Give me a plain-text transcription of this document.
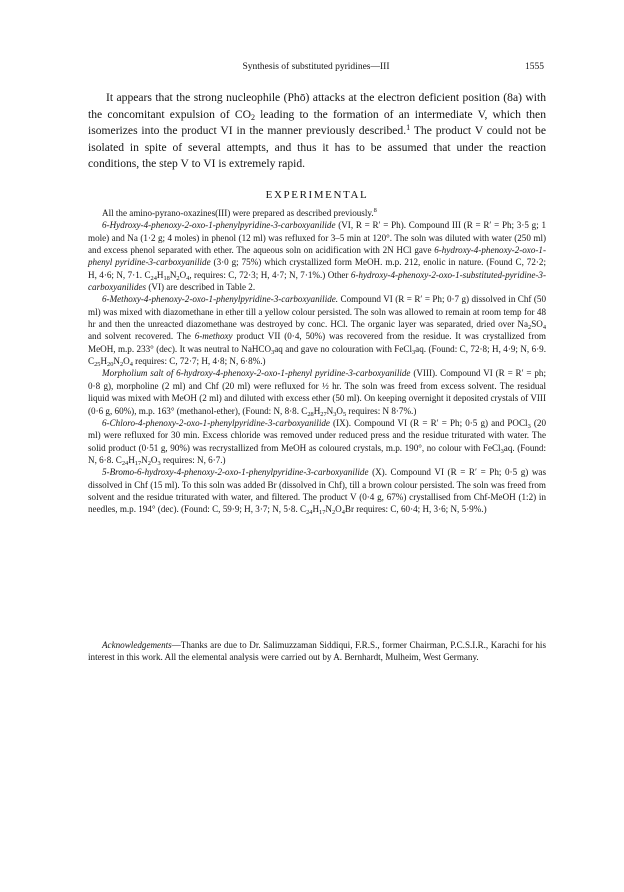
Synthesis of substituted pyridines—III	1555

It appears that the strong nucleophile (Phō) attacks at the electron deficient position (8a) with the concomitant expulsion of $CO_2$ leading to the formation of an intermediate V, which then isomerizes into the product VI in the manner previously described.$^1$ The product V could not be isolated in spite of several attempts, and thus it has to be assumed that under the reaction conditions, the step V to VI is extremely rapid.

EXPERIMENTAL

All the amino-pyrano-oxazines(III) were prepared as described previously.$^8$

6-Hydroxy-4-phenoxy-2-oxo-1-phenylpyridine-3-carboxyanilide (VI, R = R′ = Ph). Compound III (R = R′ = Ph; 3·5 g; 1 mole) and Na (1·2 g; 4 moles) in phenol (12 ml) was refluxed for 3–5 min at 120°. The soln was diluted with water (250 ml) and excess phenol separated with ether. The aqueous soln on acidification with 2N HCl gave 6-hydroxy-4-phenoxy-2-oxo-1-phenyl pyridine-3-carboxyanilide (3·0 g; 75%) which crystallized form MeOH. m.p. 212, enolic in nature. (Found C, 72·2; H, 4·6; N, 7·1. $C_{24}H_{18}N_2O_4$, requires: C, 72·3; H, 4·7; N, 7·1%.) Other 6-hydroxy-4-phenoxy-2-oxo-1-substituted-pyridine-3-carboxyanilides (VI) are described in Table 2.

6-Methoxy-4-phenoxy-2-oxo-1-phenylpyridine-3-carboxyanilide. Compound VI (R = R′ = Ph; 0·7 g) dissolved in Chf (50 ml) was mixed with diazomethane in ether till a yellow colour persisted. The soln was allowed to remain at room temp for 48 hr and then the unreacted diazomethane was destroyed by conc. HCl. The organic layer was separated, dried over $Na_2SO_4$ and solvent recovered. The 6-methoxy product VII (0·4, 50%) was recovered from the residue. It was crystallized from MeOH, m.p. 233° (dec). It was neutral to NaHCO$_3$aq and gave no colouration with FeCl$_3$aq. (Found: C, 72·8; H, 4·9; N, 6·9. $C_{25}H_{20}N_2O_4$ requires: C, 72·7; H, 4·8; N, 6·8%.)

Morpholium salt of 6-hydroxy-4-phenoxy-2-oxo-1-phenyl pyridine-3-carboxyanilide (VIII). Compound VI (R = R′ = ph; 0·8 g), morpholine (2 ml) and Chf (20 ml) were refluxed for ½ hr. The soln was freed from excess solvent. The residual liquid was mixed with MeOH (2 ml) and diluted with excess ether (50 ml). On keeping overnight it deposited crystals of VIII (0·6 g, 60%), m.p. 163° (methanol-ether), (Found: N, 8·8. $C_{28}H_{27}N_3O_5$ requires: N 8·7%.)

6-Chloro-4-phenoxy-2-oxo-1-phenylpyridine-3-carboxyanilide (IX). Compound VI (R = R′ = Ph; 0·5 g) and POCl$_3$ (20 ml) were refluxed for 30 min. Excess chloride was removed under reduced press and the residue triturated with water. The solid product (0·51 g, 90%) was recrystallized from MeOH as coloured crystals, m.p. 190°, no colour with FeCl$_3$aq. (Found: N, 6·8. $C_{24}H_{17}N_2O_3$ requires: N, 6·7.)

5-Bromo-6-hydroxy-4-phenoxy-2-oxo-1-phenylpyridine-3-carboxyanilide (X). Compound VI (R = R′ = Ph; 0·5 g) was dissolved in Chf (15 ml). To this soln was added Br (dissolved in Chf), till a brown colour persisted. The soln was freed from solvent and the residue triturated with water, and filtered. The product V (0·4 g, 67%) crystallised from Chf-MeOH (1:2) in needles, m.p. 194° (dec). (Found: C, 59·9; H, 3·7; N, 5·8. $C_{24}H_{17}N_2O_4Br$ requires: C, 60·4; H, 3·6; N, 5·9%.)

Acknowledgements—Thanks are due to Dr. Salimuzzaman Siddiqui, F.R.S., former Chairman, P.C.S.I.R., Karachi for his interest in this work. All the elemental analysis were carried out by A. Bernhardt, Mulheim, West Germany.
